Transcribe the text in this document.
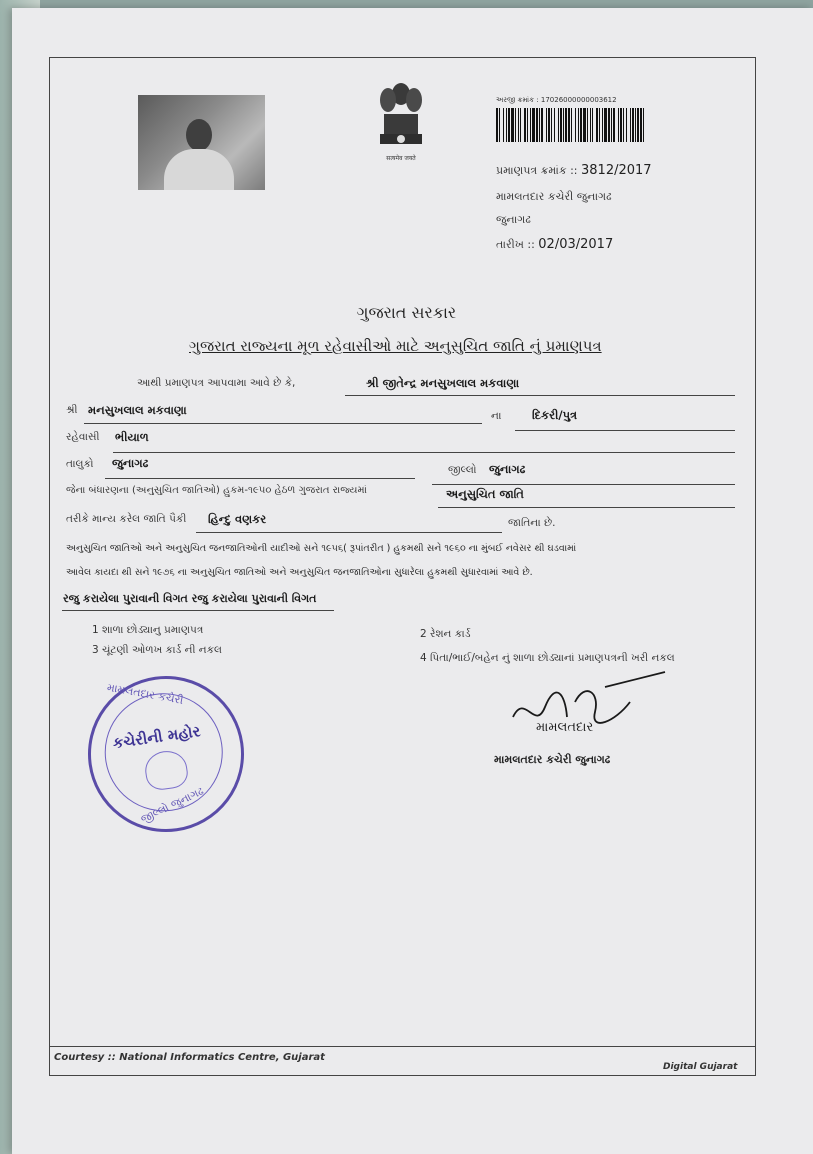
सत्यमेव जयते
અરજી ક્રમાંક : 17026000000003612
પ્રમાણપત્ર ક્રમાંક :: 3812/2017
મામલતદાર કચેરી જુનાગઢ
જુનાગઢ
તારીખ :: 02/03/2017
ગુજરાત સરકાર
ગુજરાત રાજ્યના મૂળ રહેવાસીઓ માટે અનુસુચિત જાતિ નું પ્રમાણપત્ર
આથી પ્રમાણપત્ર આપવામા આવે છે કે,	શ્રી જીતેન્દ્ર મનસુખલાલ મકવાણા
શ્રી મનસુખલાલ મકવાણા	ના	દિકરી/પુત્ર
રહેવાસી ભીયાળ
તાલુકો જુનાગઢ	જીલ્લો જુનાગઢ
જેના બંધારણના (અનુસુચિત જાતિઓ) હુકમ-૧૯૫૦ હેઠળ ગુજરાત રાજ્યમાં	અનુસુચિત જાતિ
તરીકે માન્ય કરેલ જાતિ પૈકી હિન્દુ વણકર	જાતિના છે.
અનુસુચિત જાતિઓ અને અનુસુચિત જનજાતિઓની યાદીઓ સને ૧૯૫૬( રૂપાંતરીત ) હુકમથી સને ૧૯૬૦ ના મુંબઈ નવેસર થી ઘડવામાં
આવેલ કાયદા થી સને ૧૯૭૬ ના અનુસુચિત જાતિઓ અને અનુસુચિત જનજાતિઓના સુધારેલા હુકમથી સુધારવામાં આવે છે.
રજુ કરાયેલા પુરાવાની વિગત રજુ કરાયેલા પુરાવાની વિગત
1 શાળા છોડ્યાનુ પ્રમાણપત્ર	2 રેશન કાર્ડ
3 ચૂંટણી ઓળખ કાર્ડ ની નકલ
4 પિતા/ભાઈ/બહેન નું શાળા છોડ્યાનાં પ્રમાણપત્રની ખરી નકલ
મામલતદાર કચેરી
કચેરીની મહોર
જીલ્લો જુનાગઢ
મામલતદાર
મામલતદાર કચેરી જુનાગઢ
Courtesy :: National Informatics Centre, Gujarat
Digital Gujarat
